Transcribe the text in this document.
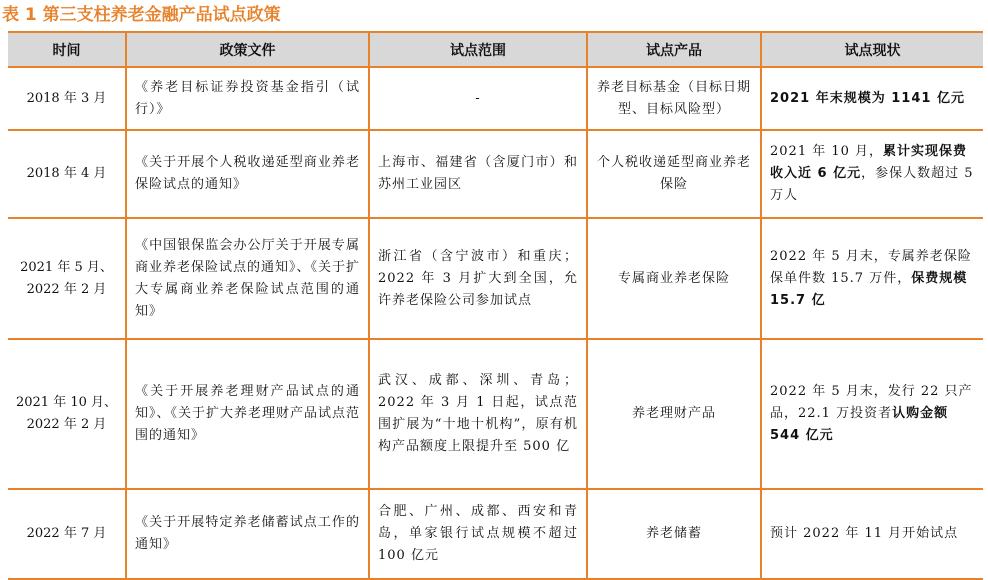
表 1 第三支柱养老金融产品试点政策
时间	政策文件	试点范围	试点产品	试点现状
2018 年 3 月	《养老目标证券投资基金指引（试行）》	-	养老目标基金（目标日期型、目标风险型）	2021 年末规模为 1141 亿元
2018 年 4 月	《关于开展个人税收递延型商业养老保险试点的通知》	上海市、福建省（含厦门市）和苏州工业园区	个人税收递延型商业养老保险	2021 年 10 月，累计实现保费收入近 6 亿元，参保人数超过 5 万人
2021 年 5 月、2022 年 2 月	《中国银保监会办公厅关于开展专属商业养老保险试点的通知》、《关于扩大专属商业养老保险试点范围的通知》	浙江省（含宁波市）和重庆；2022 年 3 月扩大到全国，允许养老保险公司参加试点	专属商业养老保险	2022 年 5 月末，专属养老保险保单件数 15.7 万件，保费规模 15.7 亿
2021 年 10 月、2022 年 2 月	《关于开展养老理财产品试点的通知》、《关于扩大养老理财产品试点范围的通知》	武汉、成都、深圳、青岛；2022 年 3 月 1 日起，试点范围扩展为“十地十机构”，原有机构产品额度上限提升至 500 亿	养老理财产品	2022 年 5 月末，发行 22 只产品，22.1 万投资者认购金额 544 亿元
2022 年 7 月	《关于开展特定养老储蓄试点工作的通知》	合肥、广州、成都、西安和青岛，单家银行试点规模不超过 100 亿元	养老储蓄	预计 2022 年 11 月开始试点
